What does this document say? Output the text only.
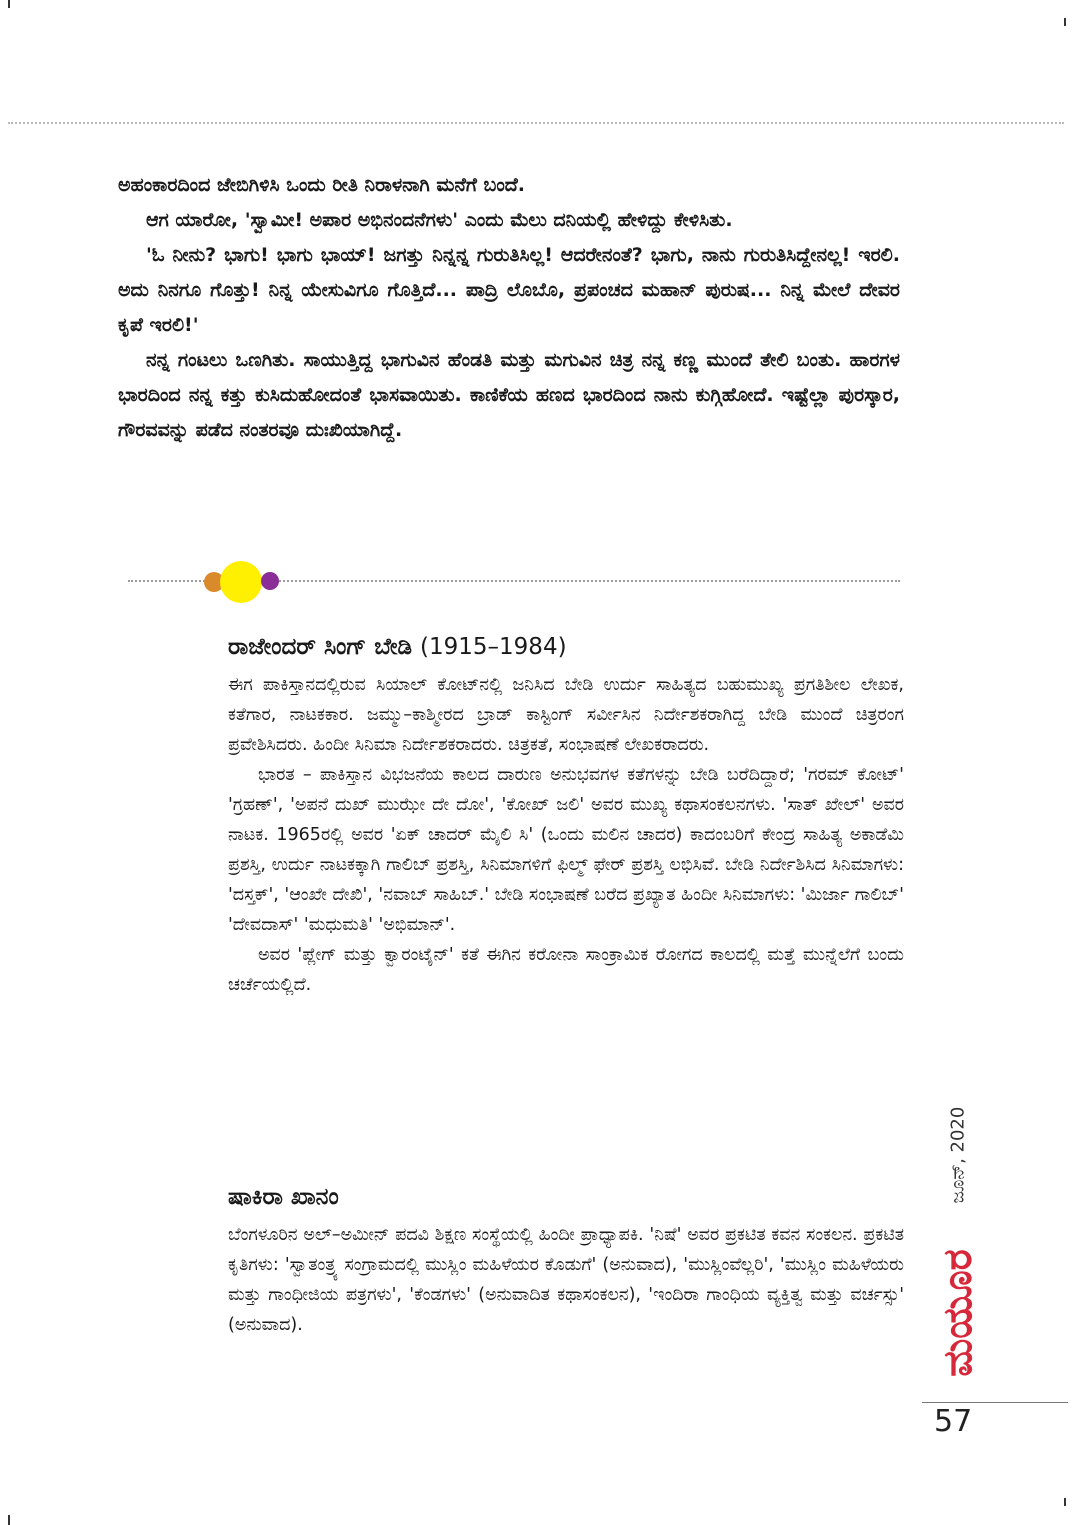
ಅಹಂಕಾರದಿಂದ ಜೇಬಿಗಿಳಿಸಿ ಒಂದು ರೀತಿ ನಿರಾಳನಾಗಿ ಮನೆಗೆ ಬಂದೆ.

ಆಗ ಯಾರೋ, 'ಸ್ವಾಮೀ! ಅಪಾರ ಅಭಿನಂದನೆಗಳು' ಎಂದು ಮೆಲು ದನಿಯಲ್ಲಿ ಹೇಳಿದ್ದು ಕೇಳಿಸಿತು.

'ಓ ನೀನು? ಭಾಗು! ಭಾಗು ಭಾಯ್! ಜಗತ್ತು ನಿನ್ನನ್ನ ಗುರುತಿಸಿಲ್ಲ! ಆದರೇನಂತೆ? ಭಾಗು, ನಾನು ಗುರುತಿಸಿದ್ದೇನಲ್ಲ! ಇರಲಿ. ಅದು ನಿನಗೂ ಗೊತ್ತು! ನಿನ್ನ ಯೇಸುವಿಗೂ ಗೊತ್ತಿದೆ... ಪಾದ್ರಿ ಲೊಬೊ, ಪ್ರಪಂಚದ ಮಹಾನ್ ಪುರುಷ... ನಿನ್ನ ಮೇಲೆ ದೇವರ ಕೃಪೆ ಇರಲಿ!'

ನನ್ನ ಗಂಟಲು ಒಣಗಿತು. ಸಾಯುತ್ತಿದ್ದ ಭಾಗುವಿನ ಹೆಂಡತಿ ಮತ್ತು ಮಗುವಿನ ಚಿತ್ರ ನನ್ನ ಕಣ್ಣ ಮುಂದೆ ತೇಲಿ ಬಂತು. ಹಾರಗಳ ಭಾರದಿಂದ ನನ್ನ ಕತ್ತು ಕುಸಿದುಹೋದಂತೆ ಭಾಸವಾಯಿತು. ಕಾಣಿಕೆಯ ಹಣದ ಭಾರದಿಂದ ನಾನು ಕುಗ್ಗಿಹೋದೆ. ಇಷ್ಟೆಲ್ಲಾ ಪುರಸ್ಕಾರ, ಗೌರವವನ್ನು ಪಡೆದ ನಂತರವೂ ದುಃಖಿಯಾಗಿದ್ದೆ.

ರಾಜೇಂದರ್ ಸಿಂಗ್ ಬೇಡಿ (1915–1984)

ಈಗ ಪಾಕಿಸ್ತಾನದಲ್ಲಿರುವ ಸಿಯಾಲ್ ಕೋಟ್‌ನಲ್ಲಿ ಜನಿಸಿದ ಬೇಡಿ ಉರ್ದು ಸಾಹಿತ್ಯದ ಬಹುಮುಖ್ಯ ಪ್ರಗತಿಶೀಲ ಲೇಖಕ, ಕತೆಗಾರ, ನಾಟಕಕಾರ. ಜಮ್ಮು–ಕಾಶ್ಮೀರದ ಬ್ರಾಡ್ ಕಾಸ್ಟಿಂಗ್ ಸರ್ವೀಸಿನ ನಿರ್ದೇಶಕರಾಗಿದ್ದ ಬೇಡಿ ಮುಂದೆ ಚಿತ್ರರಂಗ ಪ್ರವೇಶಿಸಿದರು. ಹಿಂದೀ ಸಿನಿಮಾ ನಿರ್ದೇಶಕರಾದರು. ಚಿತ್ರಕತೆ, ಸಂಭಾಷಣೆ ಲೇಖಕರಾದರು.

ಭಾರತ – ಪಾಕಿಸ್ತಾನ ವಿಭಜನೆಯ ಕಾಲದ ದಾರುಣ ಅನುಭವಗಳ ಕತೆಗಳನ್ನು ಬೇಡಿ ಬರೆದಿದ್ದಾರೆ; 'ಗರಮ್ ಕೋಟ್' 'ಗ್ರಹಣ್', 'ಅಪನೆ ದುಖ್ ಮುಝೇ ದೇ ದೋ', 'ಕೋಖ್ ಜಲಿ' ಅವರ ಮುಖ್ಯ ಕಥಾಸಂಕಲನಗಳು. 'ಸಾತ್ ಖೇಲ್' ಅವರ ನಾಟಕ. 1965ರಲ್ಲಿ ಅವರ 'ಏಕ್ ಚಾದರ್ ಮೈಲಿ ಸಿ' (ಒಂದು ಮಲಿನ ಚಾದರ) ಕಾದಂಬರಿಗೆ ಕೇಂದ್ರ ಸಾಹಿತ್ಯ ಅಕಾಡೆಮಿ ಪ್ರಶಸ್ತಿ, ಉರ್ದು ನಾಟಕಕ್ಕಾಗಿ ಗಾಲಿಬ್ ಪ್ರಶಸ್ತಿ, ಸಿನಿಮಾಗಳಿಗೆ ಫಿಲ್ಮ್ ಫೇರ್ ಪ್ರಶಸ್ತಿ ಲಭಿಸಿವೆ. ಬೇಡಿ ನಿರ್ದೇಶಿಸಿದ ಸಿನಿಮಾಗಳು: 'ದಸ್ತಕ್', 'ಆಂಖೇ ದೇಖಿ', 'ನವಾಬ್ ಸಾಹಿಬ್.' ಬೇಡಿ ಸಂಭಾಷಣೆ ಬರೆದ ಪ್ರಖ್ಯಾತ ಹಿಂದೀ ಸಿನಿಮಾಗಳು: 'ಮಿರ್ಜಾ ಗಾಲಿಬ್' 'ದೇವದಾಸ್' 'ಮಧುಮತಿ' 'ಅಭಿಮಾನ್'.

ಅವರ 'ಪ್ಲೇಗ್ ಮತ್ತು ಕ್ವಾರಂಟೈನ್' ಕತೆ ಈಗಿನ ಕರೋನಾ ಸಾಂಕ್ರಾಮಿಕ ರೋಗದ ಕಾಲದಲ್ಲಿ ಮತ್ತೆ ಮುನ್ನೆಲೆಗೆ ಬಂದು ಚರ್ಚೆಯಲ್ಲಿದೆ.

ಷಾಕಿರಾ ಖಾನಂ

ಬೆಂಗಳೂರಿನ ಅಲ್–ಅಮೀನ್ ಪದವಿ ಶಿಕ್ಷಣ ಸಂಸ್ಥೆಯಲ್ಲಿ ಹಿಂದೀ ಪ್ರಾಧ್ಯಾಪಕಿ. 'ನಿಷೆ' ಅವರ ಪ್ರಕಟಿತ ಕವನ ಸಂಕಲನ. ಪ್ರಕಟಿತ ಕೃತಿಗಳು: 'ಸ್ವಾತಂತ್ರ್ಯ ಸಂಗ್ರಾಮದಲ್ಲಿ ಮುಸ್ಲಿಂ ಮಹಿಳೆಯರ ಕೊಡುಗೆ' (ಅನುವಾದ), 'ಮುಸ್ಲಿಂವೆಲ್ಲರಿ', 'ಮುಸ್ಲಿಂ ಮಹಿಳೆಯರು ಮತ್ತು ಗಾಂಧೀಜಿಯ ಪತ್ರಗಳು', 'ಕೆಂಡಗಳು' (ಅನುವಾದಿತ ಕಥಾಸಂಕಲನ), 'ಇಂದಿರಾ ಗಾಂಧಿಯ ವ್ಯಕ್ತಿತ್ವ ಮತ್ತು ವರ್ಚಸ್ಸು' (ಅನುವಾದ).

ಜೂನ್, 2020
ಮಯೂರ
57
